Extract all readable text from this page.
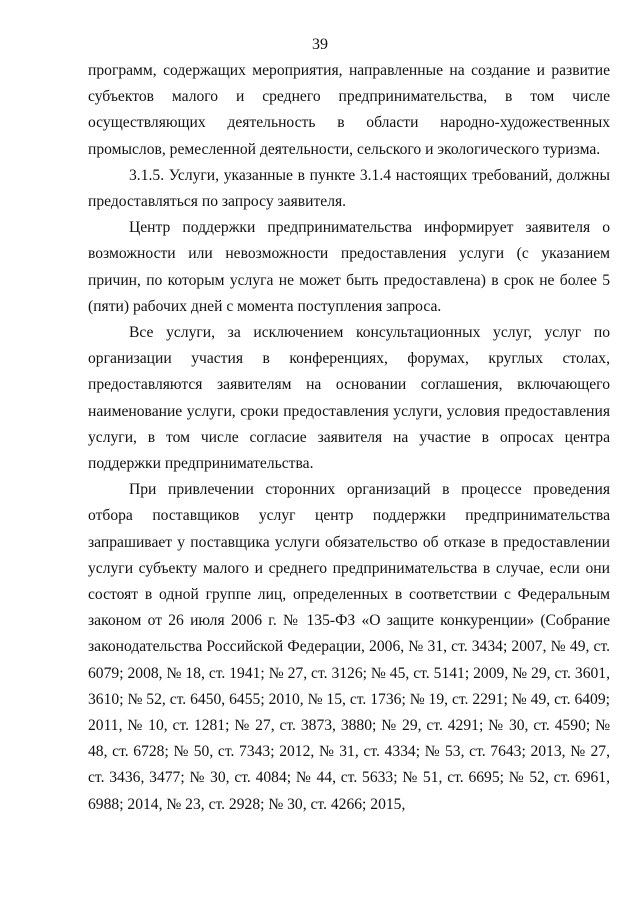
39

программ, содержащих мероприятия, направленные на создание и развитие субъектов малого и среднего предпринимательства, в том числе осуществляющих деятельность в области народно-художественных промыслов, ремесленной деятельности, сельского и экологического туризма.

3.1.5. Услуги, указанные в пункте 3.1.4 настоящих требований, должны предоставляться по запросу заявителя.

Центр поддержки предпринимательства информирует заявителя о возможности или невозможности предоставления услуги (с указанием причин, по которым услуга не может быть предоставлена) в срок не более 5 (пяти) рабочих дней с момента поступления запроса.

Все услуги, за исключением консультационных услуг, услуг по организации участия в конференциях, форумах, круглых столах, предоставляются заявителям на основании соглашения, включающего наименование услуги, сроки предоставления услуги, условия предоставления услуги, в том числе согласие заявителя на участие в опросах центра поддержки предпринимательства.

При привлечении сторонних организаций в процессе проведения отбора поставщиков услуг центр поддержки предпринимательства запрашивает у поставщика услуги обязательство об отказе в предоставлении услуги субъекту малого и среднего предпринимательства в случае, если они состоят в одной группе лиц, определенных в соответствии с Федеральным законом от 26 июля 2006 г. № 135-ФЗ «О защите конкуренции» (Собрание законодательства Российской Федерации, 2006, № 31, ст. 3434; 2007, № 49, ст. 6079; 2008, № 18, ст. 1941; № 27, ст. 3126; № 45, ст. 5141; 2009, № 29, ст. 3601, 3610; № 52, ст. 6450, 6455; 2010, № 15, ст. 1736; № 19, ст. 2291; № 49, ст. 6409; 2011, № 10, ст. 1281; № 27, ст. 3873, 3880; № 29, ст. 4291; № 30, ст. 4590; № 48, ст. 6728; № 50, ст. 7343; 2012, № 31, ст. 4334; № 53, ст. 7643; 2013, № 27, ст. 3436, 3477; № 30, ст. 4084; № 44, ст. 5633; № 51, ст. 6695; № 52, ст. 6961, 6988; 2014, № 23, ст. 2928; № 30, ст. 4266; 2015,
